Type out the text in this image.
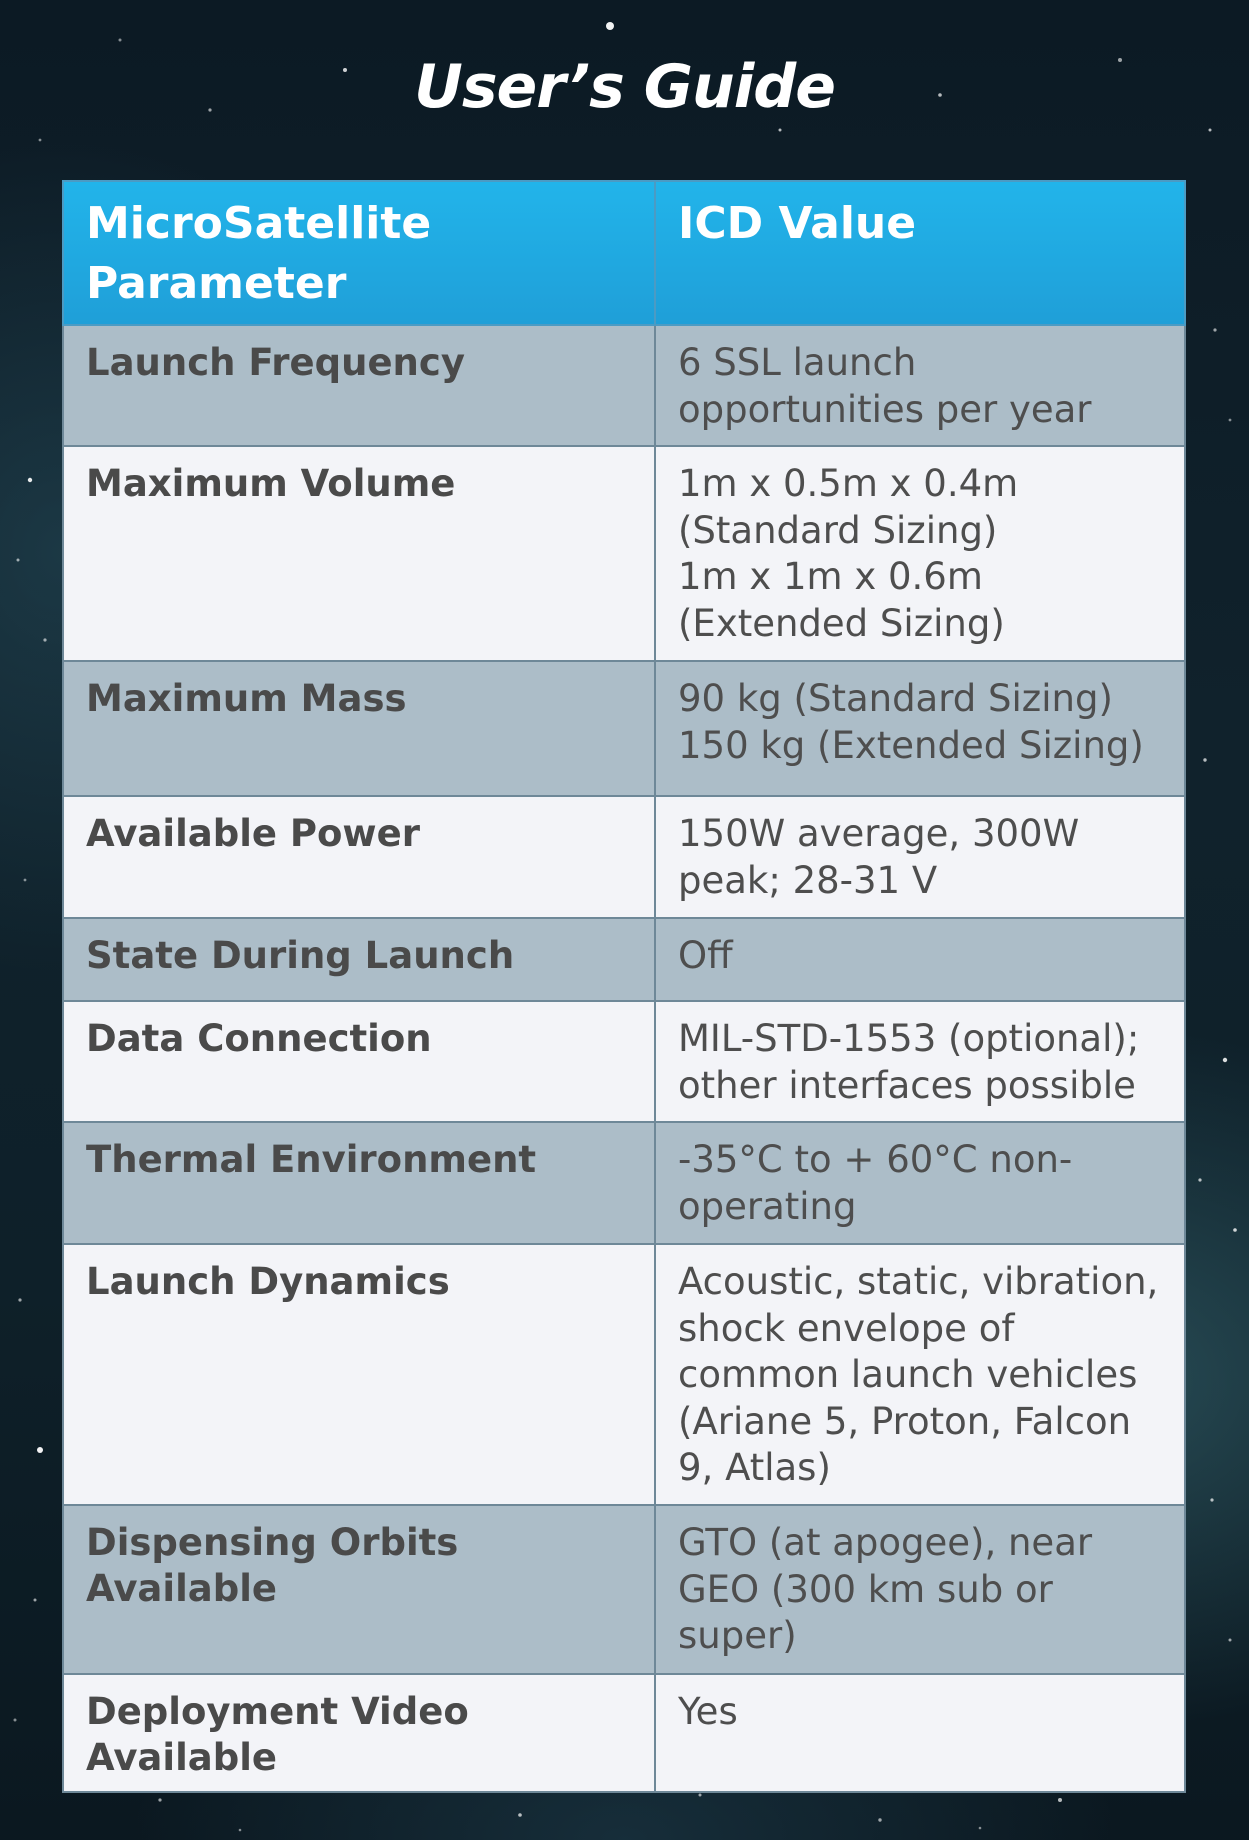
User’s Guide
MicroSatellite Parameter	ICD Value
Launch Frequency	6 SSL launch
opportunities per year

Maximum Volume	1m x 0.5m x 0.4m
(Standard Sizing)
1m x 1m x 0.6m
(Extended Sizing)

Maximum Mass	90 kg (Standard Sizing)
150 kg (Extended Sizing)

Available Power	150W average, 300W
peak; 28-31 V

State During Launch	Off

Data Connection	MIL-STD-1553 (optional);
other interfaces possible

Thermal Environment	-35°C to + 60°C non-
operating

Launch Dynamics	Acoustic, static, vibration,
shock envelope of
common launch vehicles
(Ariane 5, Proton, Falcon
9, Atlas)

Dispensing Orbits Available	GTO (at apogee), near
GEO (300 km sub or
super)

Deployment Video Available	Yes
